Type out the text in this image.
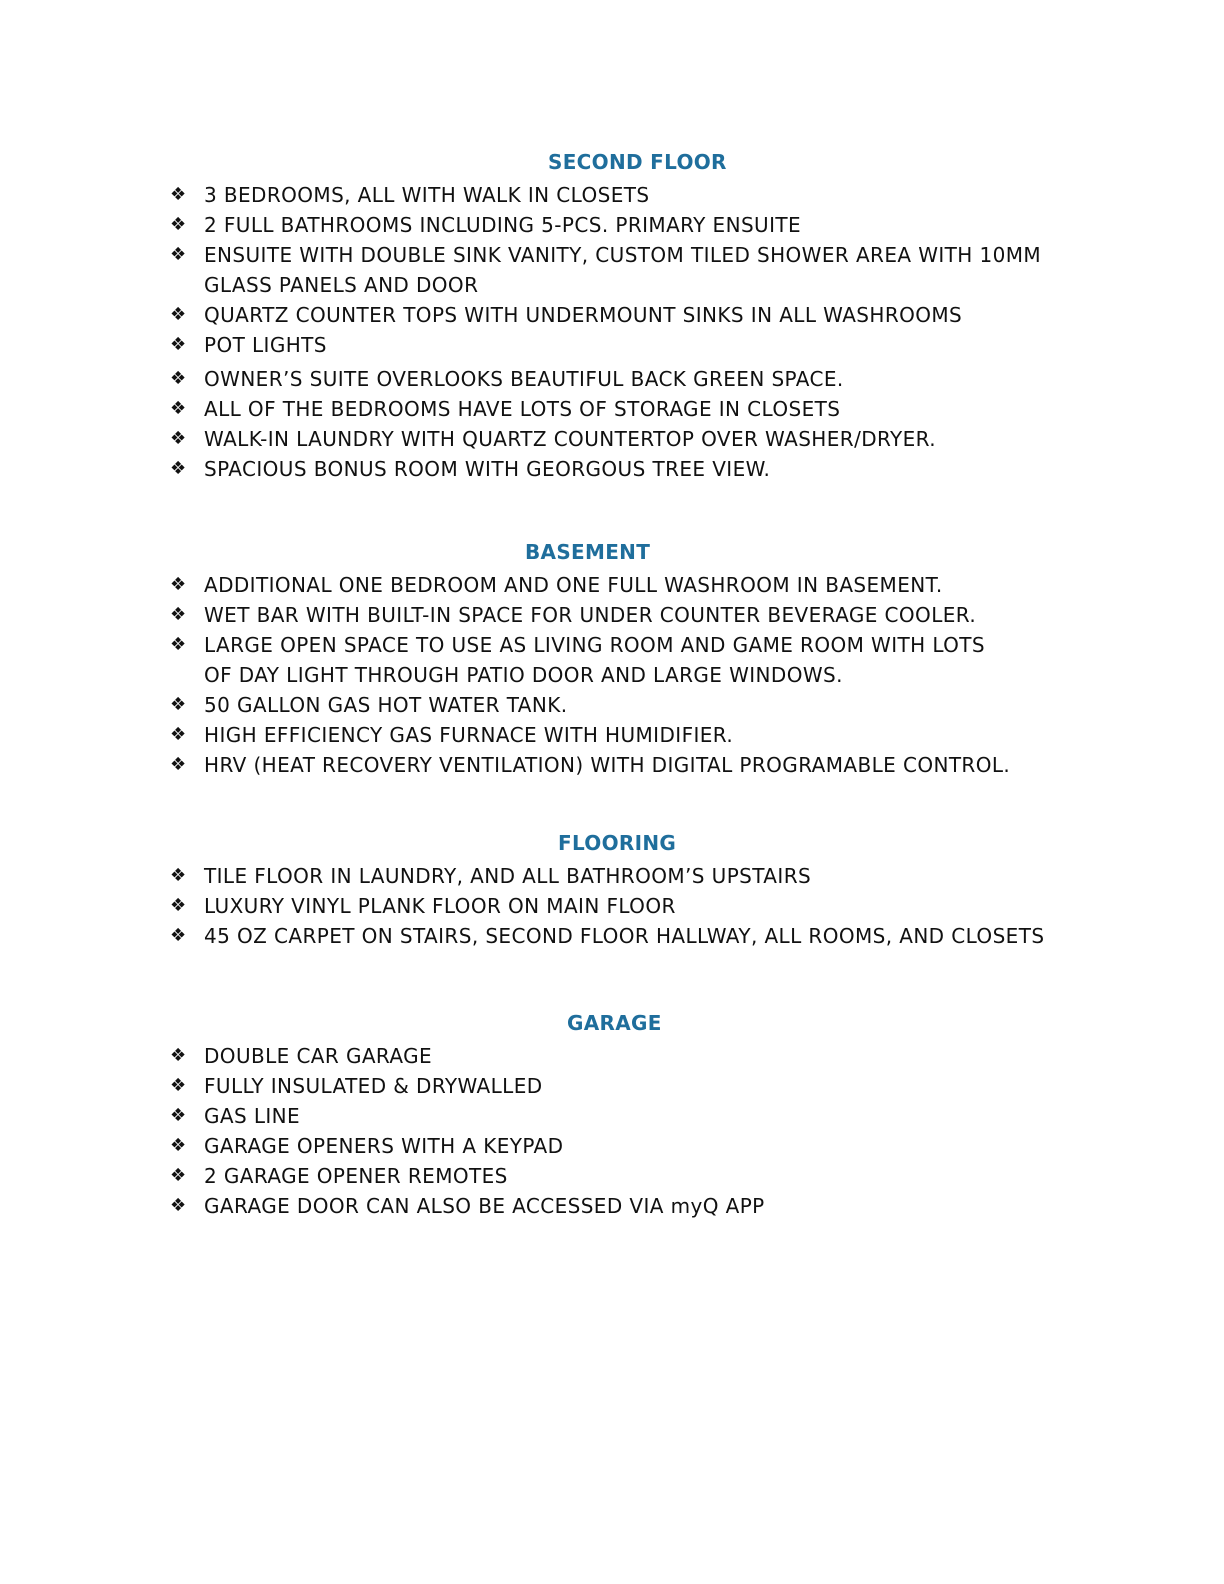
SECOND FLOOR
❖ 3 BEDROOMS, ALL WITH WALK IN CLOSETS
❖ 2 FULL BATHROOMS INCLUDING 5-PCS. PRIMARY ENSUITE
❖ ENSUITE WITH DOUBLE SINK VANITY, CUSTOM TILED SHOWER AREA WITH 10MM GLASS PANELS AND DOOR
❖ QUARTZ COUNTER TOPS WITH UNDERMOUNT SINKS IN ALL WASHROOMS
❖ POT LIGHTS
❖ OWNER’S SUITE OVERLOOKS BEAUTIFUL BACK GREEN SPACE.
❖ ALL OF THE BEDROOMS HAVE LOTS OF STORAGE IN CLOSETS
❖ WALK-IN LAUNDRY WITH QUARTZ COUNTERTOP OVER WASHER/DRYER.
❖ SPACIOUS BONUS ROOM WITH GEORGOUS TREE VIEW.
BASEMENT
❖ ADDITIONAL ONE BEDROOM AND ONE FULL WASHROOM IN BASEMENT.
❖ WET BAR WITH BUILT-IN SPACE FOR UNDER COUNTER BEVERAGE COOLER.
❖ LARGE OPEN SPACE TO USE AS LIVING ROOM AND GAME ROOM WITH LOTS OF DAY LIGHT THROUGH PATIO DOOR AND LARGE WINDOWS.
❖ 50 GALLON GAS HOT WATER TANK.
❖ HIGH EFFICIENCY GAS FURNACE WITH HUMIDIFIER.
❖ HRV (HEAT RECOVERY VENTILATION) WITH DIGITAL PROGRAMABLE CONTROL.
FLOORING
❖ TILE FLOOR IN LAUNDRY, AND ALL BATHROOM’S UPSTAIRS
❖ LUXURY VINYL PLANK FLOOR ON MAIN FLOOR
❖ 45 OZ CARPET ON STAIRS, SECOND FLOOR HALLWAY, ALL ROOMS, AND CLOSETS
GARAGE
❖ DOUBLE CAR GARAGE
❖ FULLY INSULATED & DRYWALLED
❖ GAS LINE
❖ GARAGE OPENERS WITH A KEYPAD
❖ 2 GARAGE OPENER REMOTES
❖ GARAGE DOOR CAN ALSO BE ACCESSED VIA myQ APP
